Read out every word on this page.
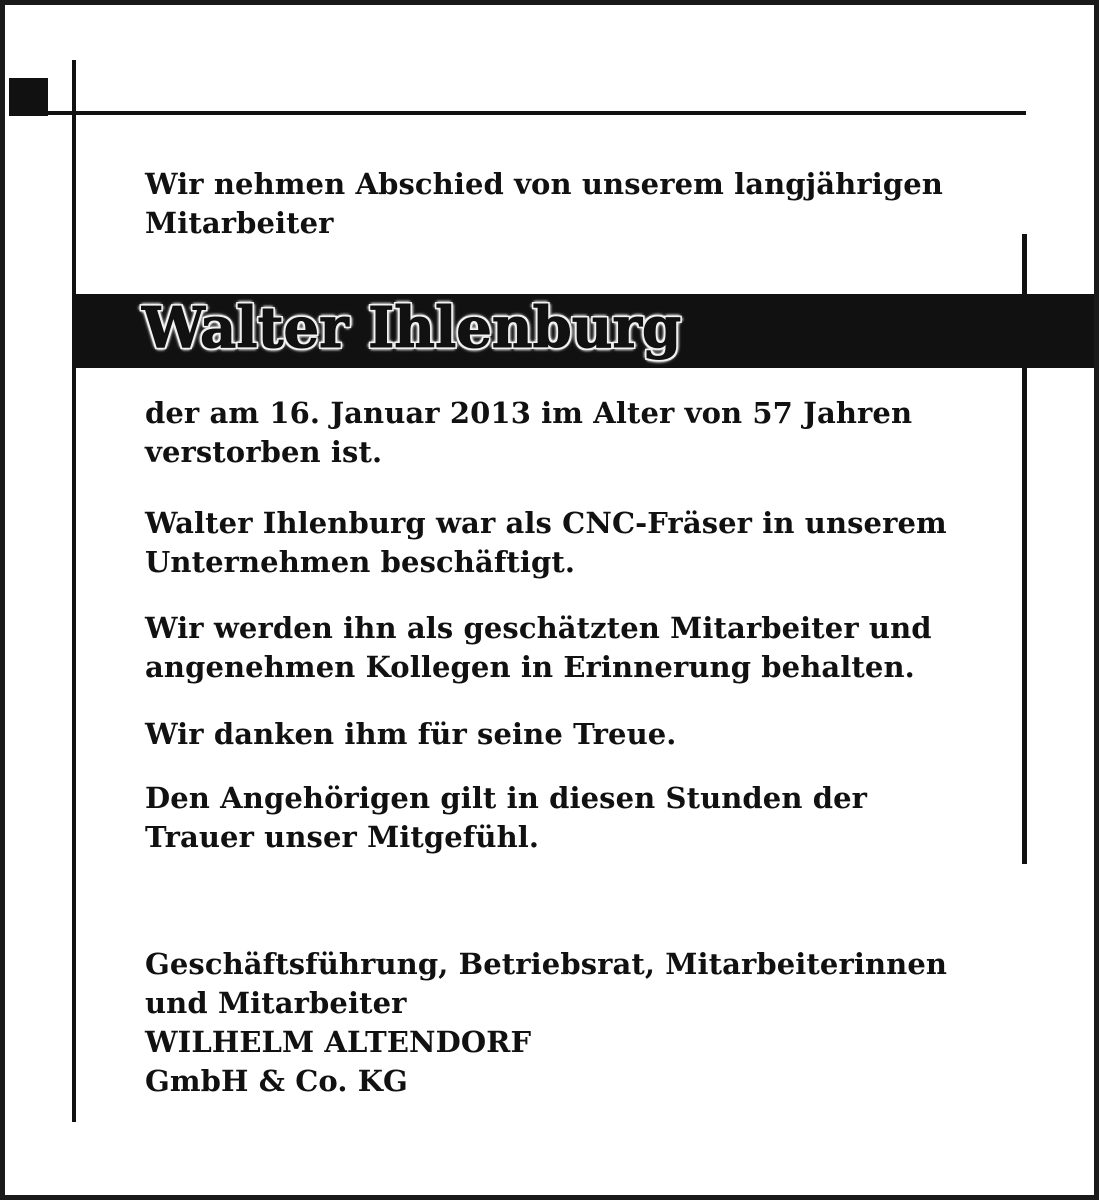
Wir nehmen Abschied von unserem langjährigen
Mitarbeiter
Walter Ihlenburg
der am 16. Januar 2013 im Alter von 57 Jahren
verstorben ist.
Walter Ihlenburg war als CNC-Fräser in unserem
Unternehmen beschäftigt.
Wir werden ihn als geschätzten Mitarbeiter und
angenehmen Kollegen in Erinnerung behalten.
Wir danken ihm für seine Treue.
Den Angehörigen gilt in diesen Stunden der
Trauer unser Mitgefühl.
Geschäftsführung, Betriebsrat, Mitarbeiterinnen
und Mitarbeiter
WILHELM ALTENDORF
GmbH & Co. KG
